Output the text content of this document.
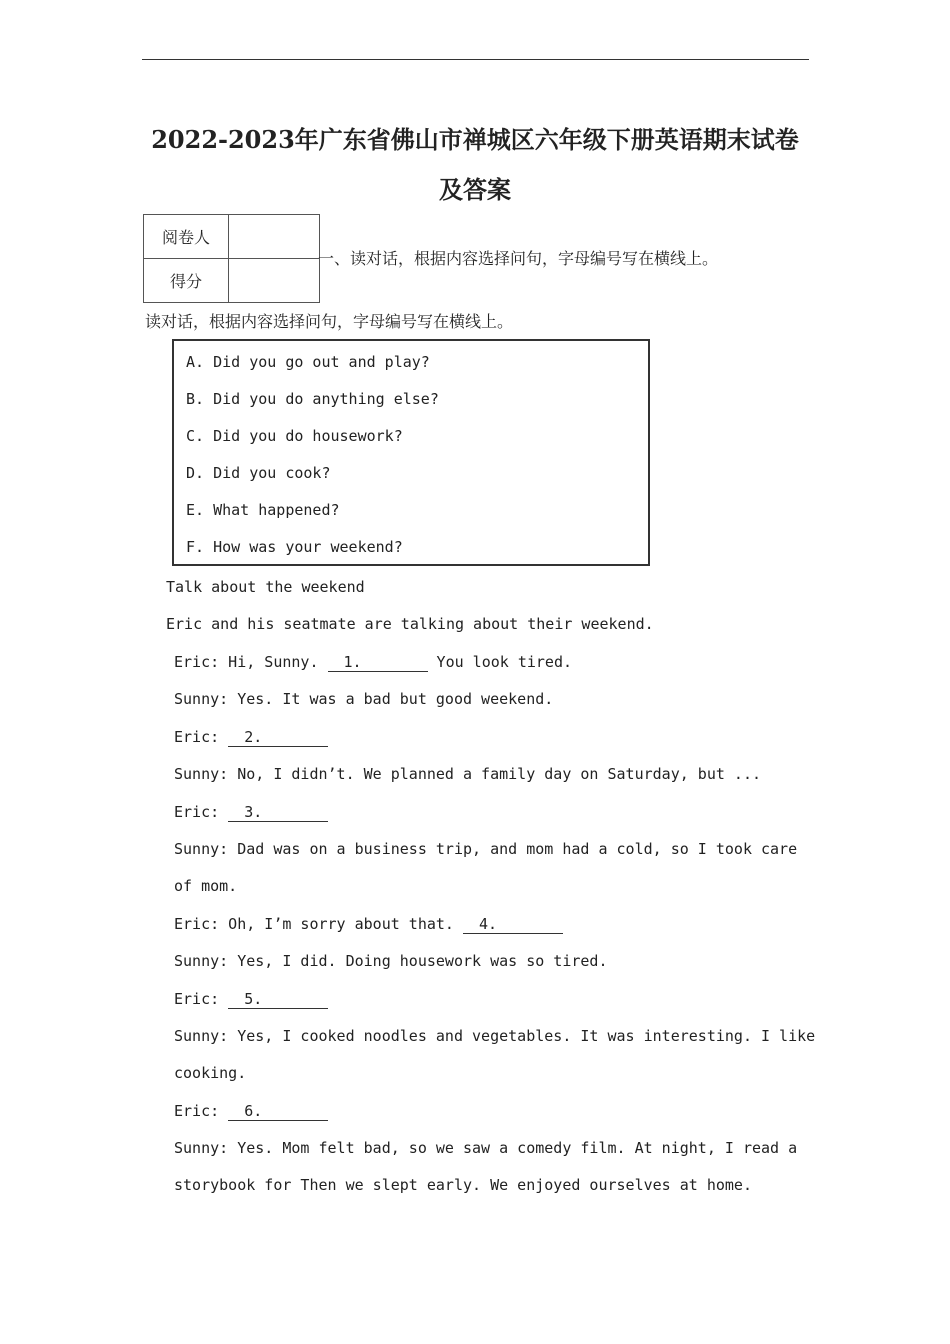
2022-2023年广东省佛山市禅城区六年级下册英语期末试卷
及答案
阅卷人	
得分	
一、读对话，根据内容选择问句，字母编号写在横线上。
读对话，根据内容选择问句，字母编号写在横线上。
A. Did you go out and play?
B. Did you do anything else?
C. Did you do housework?
D. Did you cook?
E. What happened?
F. How was your weekend?
Talk about the weekend
Eric and his seatmate are talking about their weekend.
Eric: Hi, Sunny. 1.	You look tired.
Sunny: Yes. It was a bad but good weekend.
Eric: 2.
Sunny: No, I didn’t. We planned a family day on Saturday, but ...
Eric: 3.
Sunny: Dad was on a business trip, and mom had a cold, so I took care
of mom.
Eric: Oh, I’m sorry about that. 4.
Sunny: Yes, I did. Doing housework was so tired.
Eric: 5.
Sunny: Yes, I cooked noodles and vegetables. It was interesting. I like
cooking.
Eric: 6.
Sunny: Yes. Mom felt bad, so we saw a comedy film. At night, I read a
storybook for Then we slept early. We enjoyed ourselves at home.
